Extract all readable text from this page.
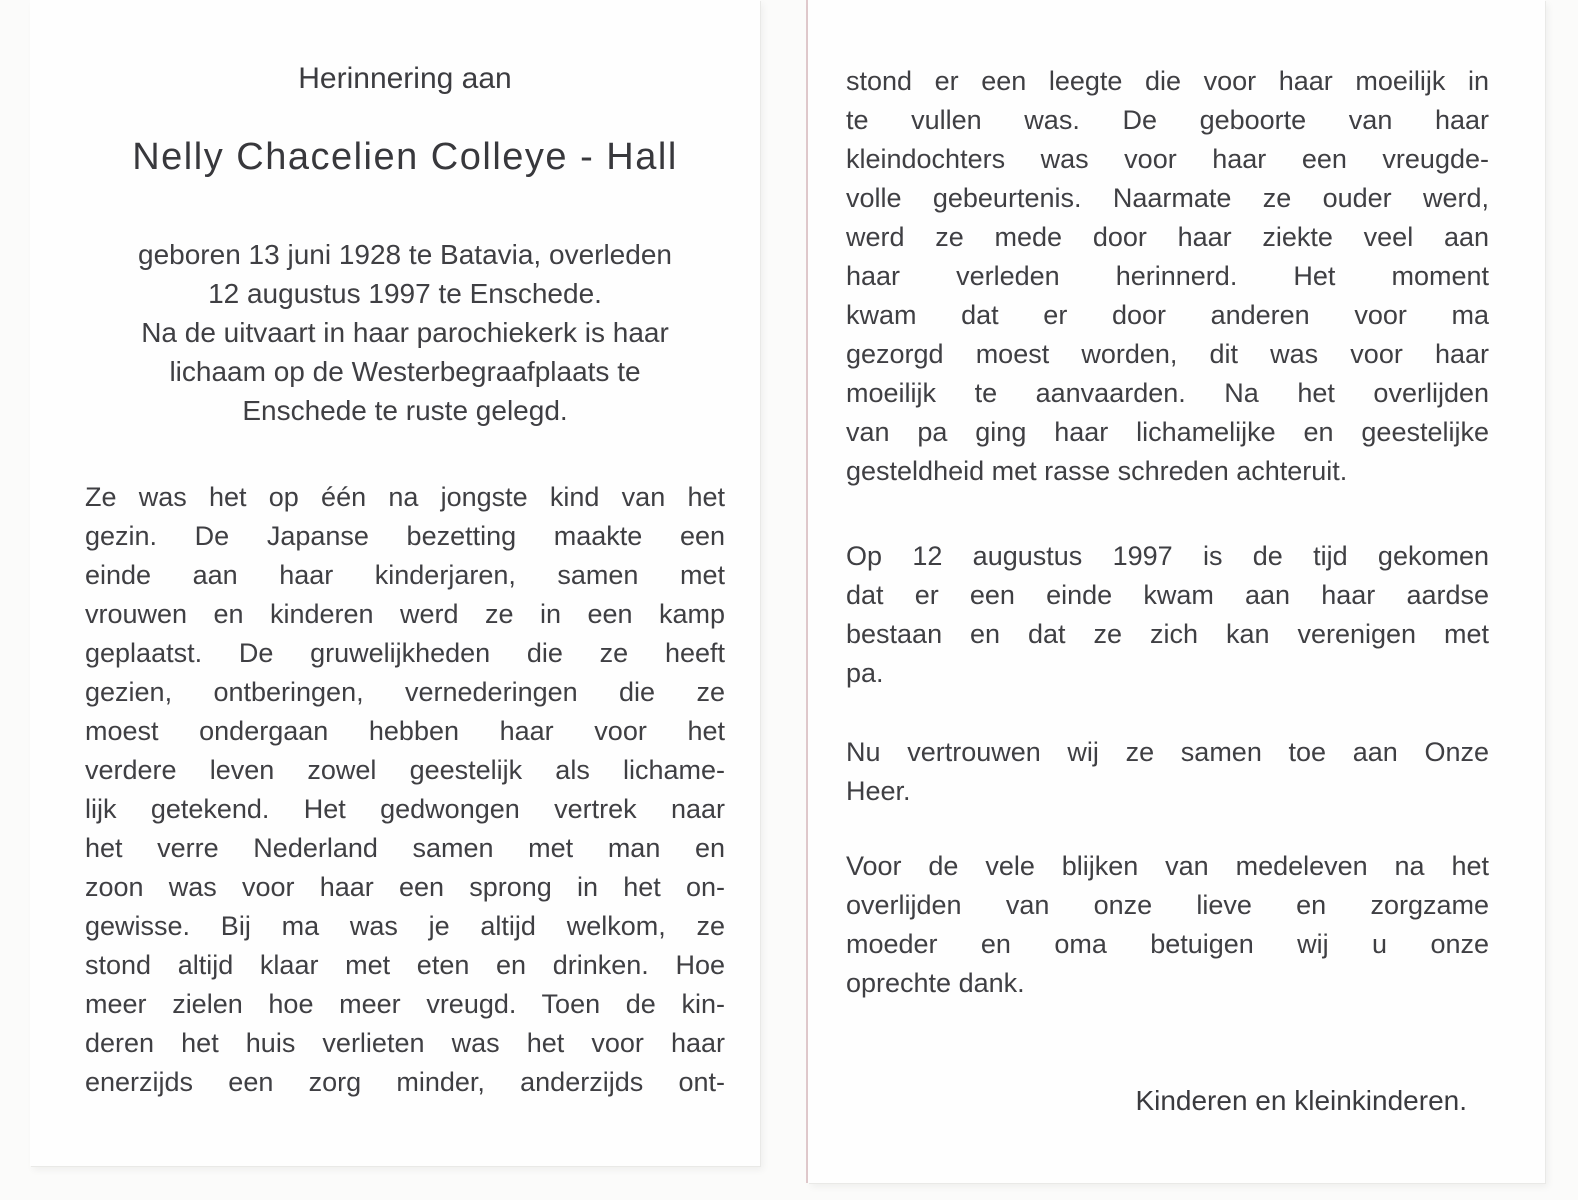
Herinnering aan
Nelly Chacelien Colleye - Hall
geboren 13 juni 1928 te Batavia, overleden
12 augustus 1997 te Enschede.
Na de uitvaart in haar parochiekerk is haar
lichaam op de Westerbegraafplaats te
Enschede te ruste gelegd.
Ze was het op één na jongste kind van het
gezin. De Japanse bezetting maakte een
einde aan haar kinderjaren, samen met
vrouwen en kinderen werd ze in een kamp
geplaatst. De gruwelijkheden die ze heeft
gezien, ontberingen, vernederingen die ze
moest ondergaan hebben haar voor het
verdere leven zowel geestelijk als lichame-
lijk getekend. Het gedwongen vertrek naar
het verre Nederland samen met man en
zoon was voor haar een sprong in het on-
gewisse. Bij ma was je altijd welkom, ze
stond altijd klaar met eten en drinken. Hoe
meer zielen hoe meer vreugd. Toen de kin-
deren het huis verlieten was het voor haar
enerzijds een zorg minder, anderzijds ont-
stond er een leegte die voor haar moeilijk in
te vullen was. De geboorte van haar
kleindochters was voor haar een vreugde-
volle gebeurtenis. Naarmate ze ouder werd,
werd ze mede door haar ziekte veel aan
haar verleden herinnerd. Het moment
kwam dat er door anderen voor ma
gezorgd moest worden, dit was voor haar
moeilijk te aanvaarden. Na het overlijden
van pa ging haar lichamelijke en geestelijke
gesteldheid met rasse schreden achteruit.
Op 12 augustus 1997 is de tijd gekomen
dat er een einde kwam aan haar aardse
bestaan en dat ze zich kan verenigen met
pa.
Nu vertrouwen wij ze samen toe aan Onze
Heer.
Voor de vele blijken van medeleven na het
overlijden van onze lieve en zorgzame
moeder en oma betuigen wij u onze
oprechte dank.
Kinderen en kleinkinderen.
